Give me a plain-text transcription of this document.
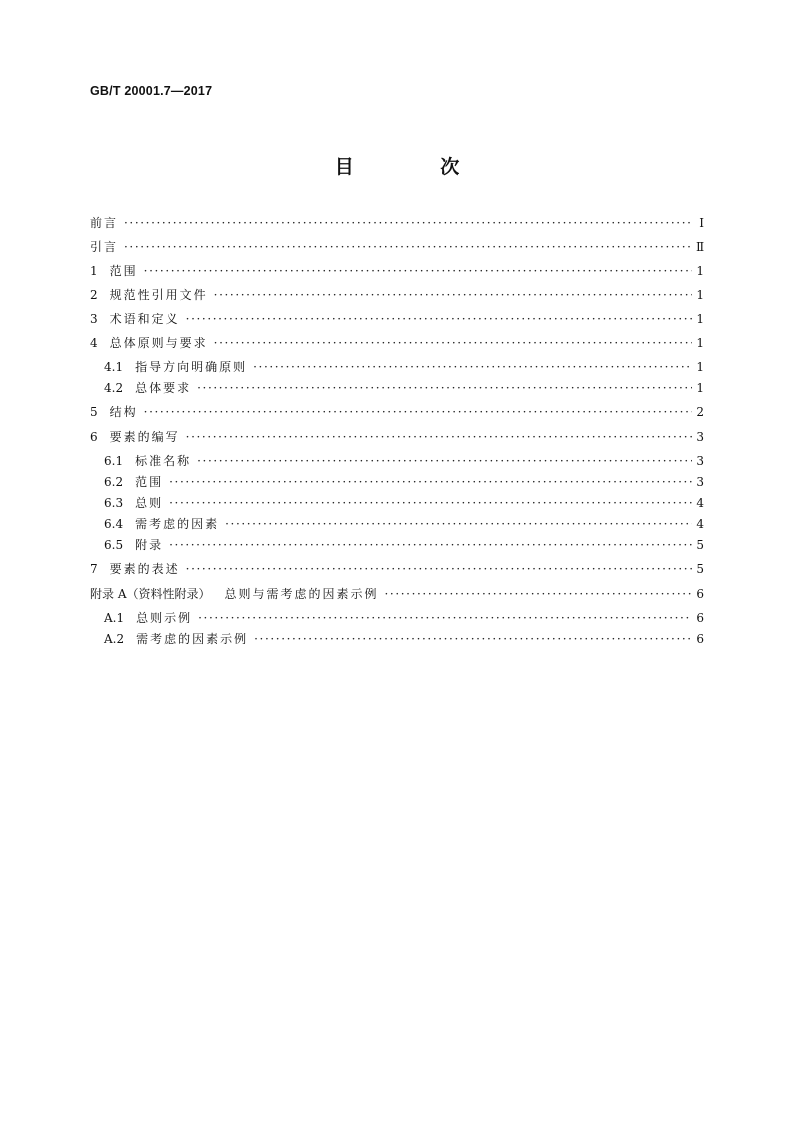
GB/T 20001.7—2017
目 次
前言 ·····	Ⅰ
引言 ·····	Ⅱ
1 范围 ·····	1
2 规范性引用文件 ·····	1
3 术语和定义 ·····	1
4 总体原则与要求 ·····	1
4.1 指导方向明确原则 ·····	1
4.2 总体要求 ·····	1
5 结构 ·····	2
6 要素的编写 ·····	3
6.1 标准名称 ·····	3
6.2 范围 ·····	3
6.3 总则 ·····	4
6.4 需考虑的因素 ·····	4
6.5 附录 ·····	5
7 要素的表述 ·····	5
附录 A（资料性附录） 总则与需考虑的因素示例 ·····	6
A.1 总则示例 ·····	6
A.2 需考虑的因素示例 ·····	6
